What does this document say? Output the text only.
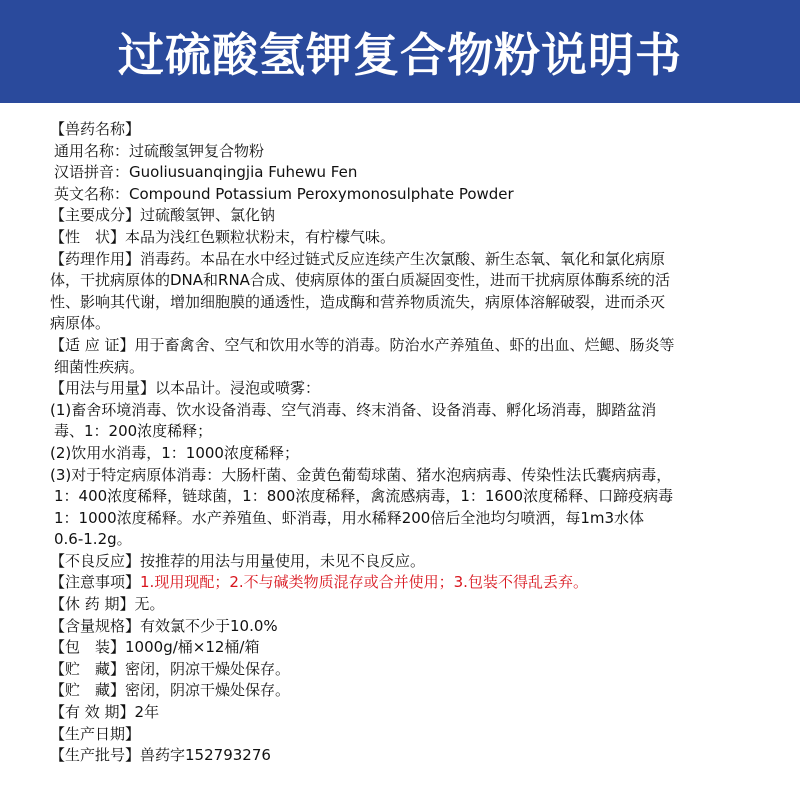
过硫酸氢钾复合物粉说明书
【兽药名称】
通用名称：过硫酸氢钾复合物粉
汉语拼音：Guoliusuanqingjia Fuhewu Fen
英文名称：Compound Potassium Peroxymonosulphate Powder
【主要成分】过硫酸氢钾、氯化钠
【性　状】本品为浅红色颗粒状粉末，有柠檬气味。
【药理作用】消毒药。本品在水中经过链式反应连续产生次氯酸、新生态氧、氧化和氯化病原
体，干扰病原体的DNA和RNA合成、使病原体的蛋白质凝固变性，进而干扰病原体酶系统的活
性、影响其代谢，增加细胞膜的通透性，造成酶和营养物质流失，病原体溶解破裂，进而杀灭
病原体。
【适 应 证】用于畜禽舍、空气和饮用水等的消毒。防治水产养殖鱼、虾的出血、烂鳃、肠炎等
细菌性疾病。
【用法与用量】以本品计。浸泡或喷雾：
(1)畜舍环境消毒、饮水设备消毒、空气消毒、终末消备、设备消毒、孵化场消毒，脚踏盆消
毒、1：200浓度稀释；
(2)饮用水消毒，1：1000浓度稀释；
(3)对于特定病原体消毒：大肠杆菌、金黄色葡萄球菌、猪水泡病病毒、传染性法氏囊病病毒，
1：400浓度稀释，链球菌，1：800浓度稀释，禽流感病毒，1：1600浓度稀释、口蹄疫病毒
1：1000浓度稀释。水产养殖鱼、虾消毒，用水稀释200倍后全池均匀喷洒，每1m3水体
0.6-1.2g。
【不良反应】按推荐的用法与用量使用，未见不良反应。
【注意事项】1.现用现配；2.不与碱类物质混存或合并使用；3.包装不得乱丢弃。
【休 药 期】无。
【含量规格】有效氯不少于10.0%
【包　装】1000g/桶×12桶/箱
【贮　藏】密闭，阴凉干燥处保存。
【贮　藏】密闭，阴凉干燥处保存。
【有 效 期】2年
【生产日期】
【生产批号】兽药字152793276
